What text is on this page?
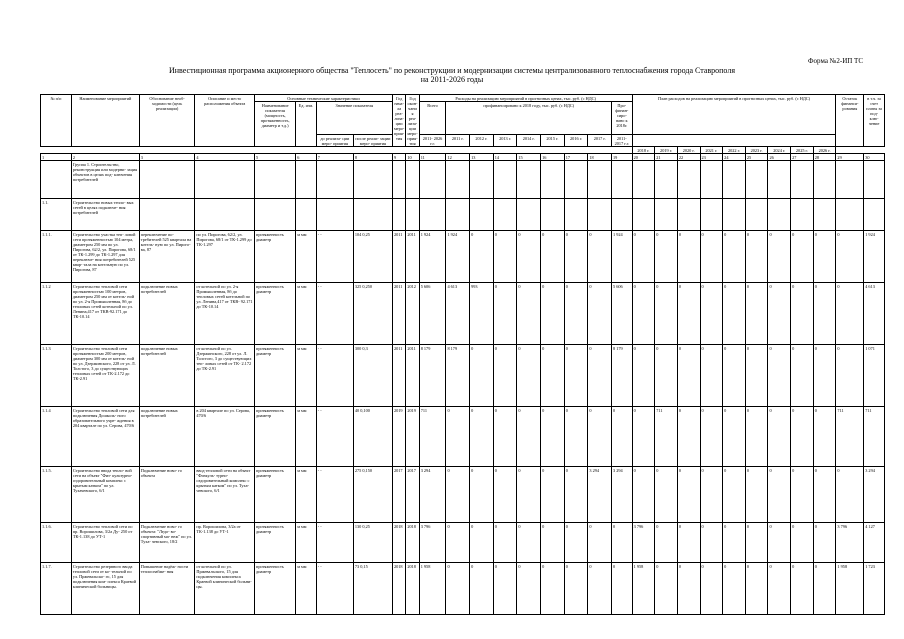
Форма №2-ИП ТС
Инвестиционная программа акционерного общества "Теплосеть" по реконструкции и модернизации системы централизованного теплоснабжения города Ставрополя
на 2011-2026 годы
№ п/п	Наименование мероприятий	Обоснование необ- ходимости (цель реализации)	Описание и место расположения объекта	Основные технические характеристики				Год нача- ла реа- лиза- ции меро- прия- тия	Год окон- чания реа- лиза- ции меро- прия- тия	Расходы на реализацию мероприятий в прогнозных ценах, тыс. руб. (с НДС)									План расходов на реализацию мероприятий в прогнозных ценах, тыс. руб. (с НДС)									Остаток финанси- рования	в т.ч. за счет платы за под- клю- чение
				Наименование показателя (мощность, протяженность, диаметр и т.д.)	Ед. изм.	Значение показателя				Всего	профинансировано к 2018 году, тыс. руб. (с НДС)							Про- финан- сиро- вано к 2018г.											
						до реализа- ции меро- приятия	после реали- зации меро- приятия			2011- 2026 г.г.	2011 г.	2012 г.	2013 г.	2014 г.	2015 г.	2016 г.	2017 г.	2011- 2017 г.г.											
																			2018 г.	2019 г.	2020 г.	2021 г.	2022 г.	2023 г.	2024 г.	2025 г.	2026 г.		
1	2	3	4	5	6	7	8	9	10	11	12	13	14	15	16	17	18	19	20	21	22	23	24	25	26	27	28	29	30
	Группа 1. Строительство, реконструкция или модерни- зация объектов в целях под- ключения потребителей																												
1.1.	Строительство новых тепло- вых сетей в целях подключе- ния потребителей																												
1.1.1.	Строительство участка теп- ловой сети протяженностью 104 метра, диаметром 250 мм по ул. Пирогова, 62/2, ул. Пирогова, 68/1 от ТК-1.299 до ТК-1.297 для переключе- ния потребителей 525 квар- тала на котельную по ул. Пирогова, 87	переключение по- требителей 525 квартала на котель- ную по ул. Пирого- ва, 87	по ул. Пирогова, 62/2, ул. Пирогова, 68/1 от ТК-1.299 до ТК-1.297	протяженность диаметр	м мм	- -	104 0,25	2011	2011	1 924	1 924	0	0	0	0	0	0	1 924	0	0	0	0	0	0	0	0	0	0	1 924
1.1.2	Строительство тепловой сети протяженностью 100 метров, диаметром 250 мм от котель- ной по ул. 2-я Промышленная, 8б до тепловых сетей котельной по ул. Ленина,417 от ТКВ-92.171 до ТК-10.14	подключение новых потребителей	от котельной по ул. 2-я Промышленная, 8б до тепловых сетей котельной по ул. Ленина,417 от ТКВ- 92.171 до ТК-10.14	протяженность диаметр	м мм	- -	325 0,250	2011	2012	5 606	4 613	993	0	0	0	0	0	5 606	0	0	0	0	0	0	0	0	0	0	4 613
1.1.3	Строительство тепловой сети протяженностью 200 метров, диаметром 300 мм от котель- ной по ул. Дзержинского, 228 от ул. Л. Толстого, 3 до существующих тепловых сетей от ТК-2.172 до ТК-2.91	подключение новых потребителей	от котельной по ул. Дзержинского, 228 от ул. Л. Толстого, 3 до существующих теп- ловых сетей от ТК- 2.172 до ТК-2.91	протяженность диаметр	м мм	- -	300 0,3	2011	2011	8 179	8 179	0	0	0	0	0	0	8 179	0	0	0	0	0	0	0	0	0	0	1 071
1.1.4	Строительство тепловой сети для подключения Дошколь- ного образовательного учре- ждения в 204 квартале по ул. Серова, 470/6	подключение новых потребителей	в 204 квартале по ул. Серова, 470/6	протяженность диаметр	м мм	- -	40 0,100	2019	2019	711	0	0	0	0	0	0	0	0	0	711	0	0	0	0	0	0	0	711	711
1.1.5.	Строительство ввода тепло- вой сети на объект "Физ- культурно-оздоровительный комплекс с крытым катком" по ул. Тухачевского, 6/1	Подключение ново- го объекта	ввод тепловой сети на объект "Физкуль- турно- оздоровительный комплекс с крытым катком" по ул. Туха- чевского, 6/1	протяженность диаметр	м мм	- -	275 0,150	2017	2017	3 294	0	0	0	0	0	0	3 294	3 294	0	0	0	0	0	0	0	0	0	0	3 294
1.1.6.	Строительство тепловой сети по пр. Ворошилова, 3/2а Ду- 250 от ТК-1.138 до УТ-1	Подключение ново- го объекта: "Ледо- во-спортивный ма- неж" по ул. Туха- чевского, 18/2	пр. Ворошилова, 3/2а от ТК-1.138 до УТ-1	протяженность диаметр	м мм	- -	130 0,25	2018	2018	3 796	0	0	0	0	0	0	0	0	3 796	0	0	0	0	0	0	0	0	3 796	4 127
1.1.7.	Строительство резервного ввода тепловой сети от ко- тельной по ул. Пржевальско- го, 15 для подключения ком- плекса Краевой клинической больницы.	Повышение надёж- ности теплоснабже- ния	от котельной по ул. Пржевальского, 15 для подключения комплекса Краевой клинической больни- цы.	протяженность диаметр	м мм	- -	73 0,15	2018	2018	1 958	0	0	0	0	0	0	0	0	1 958	0	0	0	0	0	0	0	0	1 958	1 723
